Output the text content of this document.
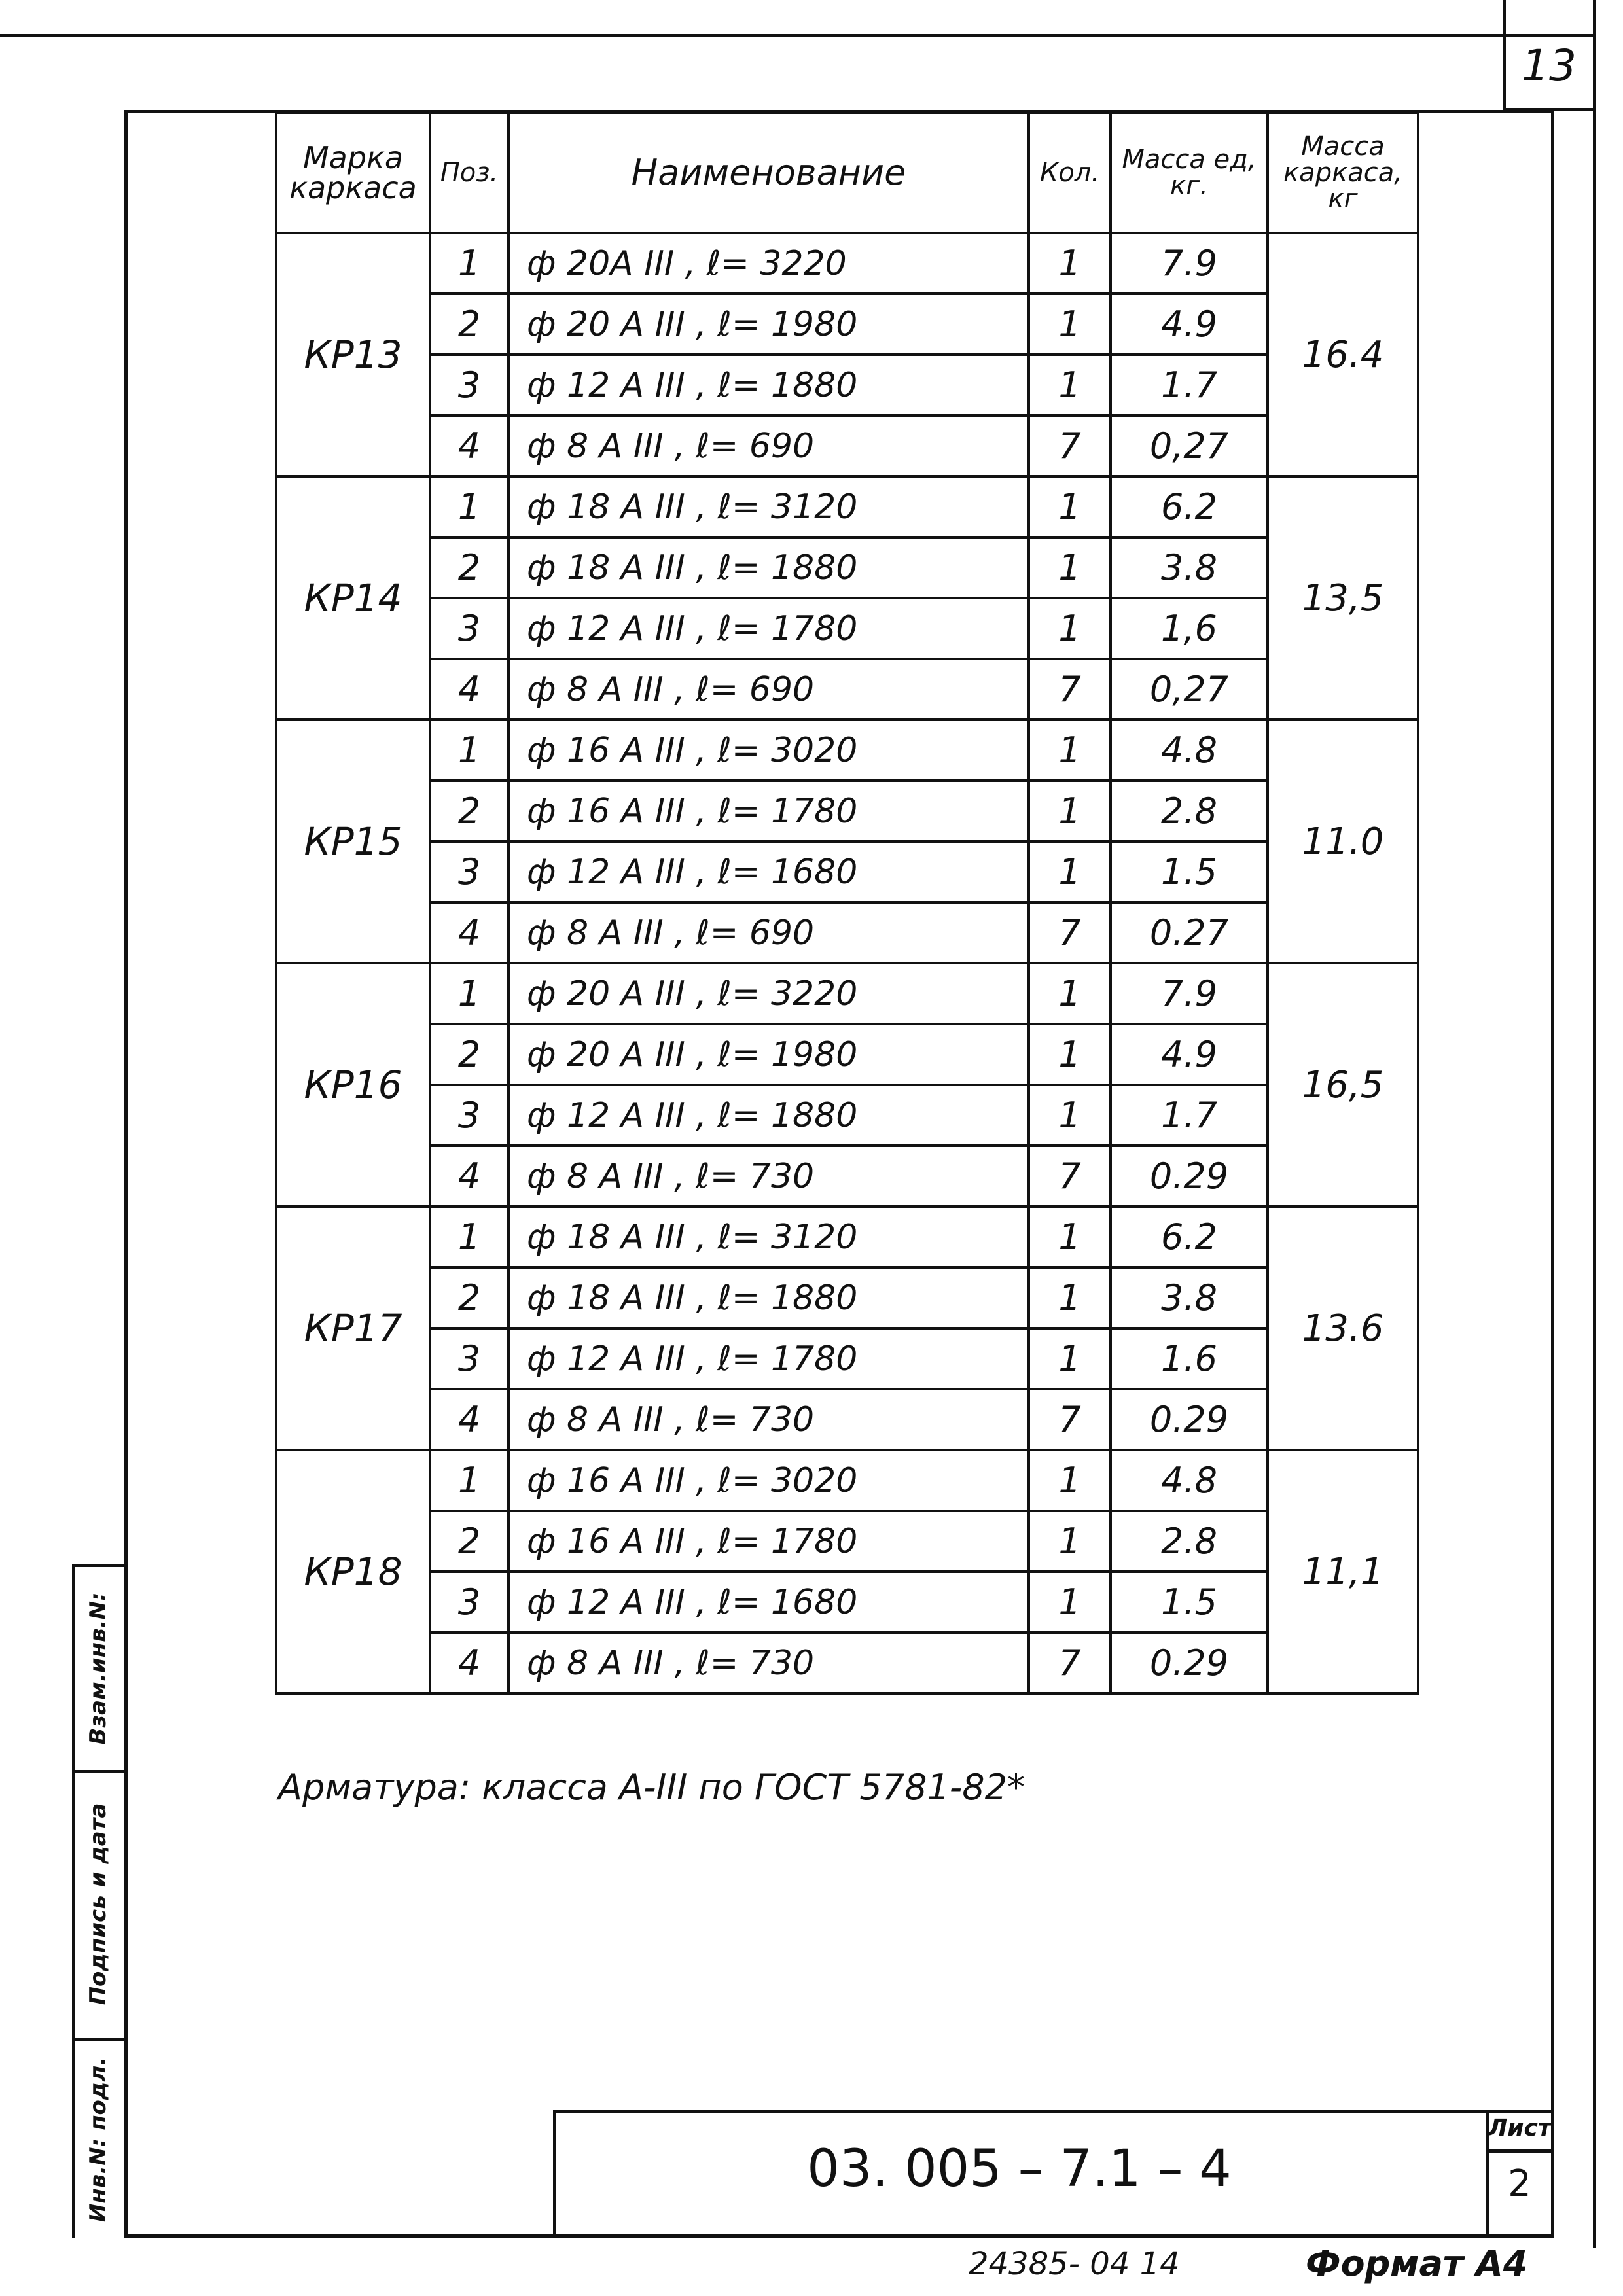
13
Взам.инв.N:
Подпись и дата
Инв.N: подл.
Марка каркаса	Поз.	Наименование	Кол.	Масса ед, кг.	Масса каркаса, кг
КР13	1	ф 20А III , ℓ= 3220	1	7.9	16.4
	2	ф 20 А III , ℓ= 1980	1	4.9	
	3	ф 12 А III , ℓ= 1880	1	1.7	
	4	ф 8 А III , ℓ= 690	7	0,27	
КР14	1	ф 18 А III , ℓ= 3120	1	6.2	13,5
	2	ф 18 А III , ℓ= 1880	1	3.8	
	3	ф 12 А III , ℓ= 1780	1	1,6	
	4	ф 8 А III , ℓ= 690	7	0,27	
КР15	1	ф 16 А III , ℓ= 3020	1	4.8	11.0
	2	ф 16 А III , ℓ= 1780	1	2.8	
	3	ф 12 А III , ℓ= 1680	1	1.5	
	4	ф 8 А III , ℓ= 690	7	0.27	
КР16	1	ф 20 А III , ℓ= 3220	1	7.9	16,5
	2	ф 20 А III , ℓ= 1980	1	4.9	
	3	ф 12 А III , ℓ= 1880	1	1.7	
	4	ф 8 А III , ℓ= 730	7	0.29	
КР17	1	ф 18 А III , ℓ= 3120	1	6.2	13.6
	2	ф 18 А III , ℓ= 1880	1	3.8	
	3	ф 12 А III , ℓ= 1780	1	1.6	
	4	ф 8 А III , ℓ= 730	7	0.29	
КР18	1	ф 16 А III , ℓ= 3020	1	4.8	11,1
	2	ф 16 А III , ℓ= 1780	1	2.8	
	3	ф 12 А III , ℓ= 1680	1	1.5	
	4	ф 8 А III , ℓ= 730	7	0.29	
Арматура: класса А-III по ГОСТ 5781-82*
03. 005 – 7.1 – 4
Лист
2
24385- 04 14	Формат А4
